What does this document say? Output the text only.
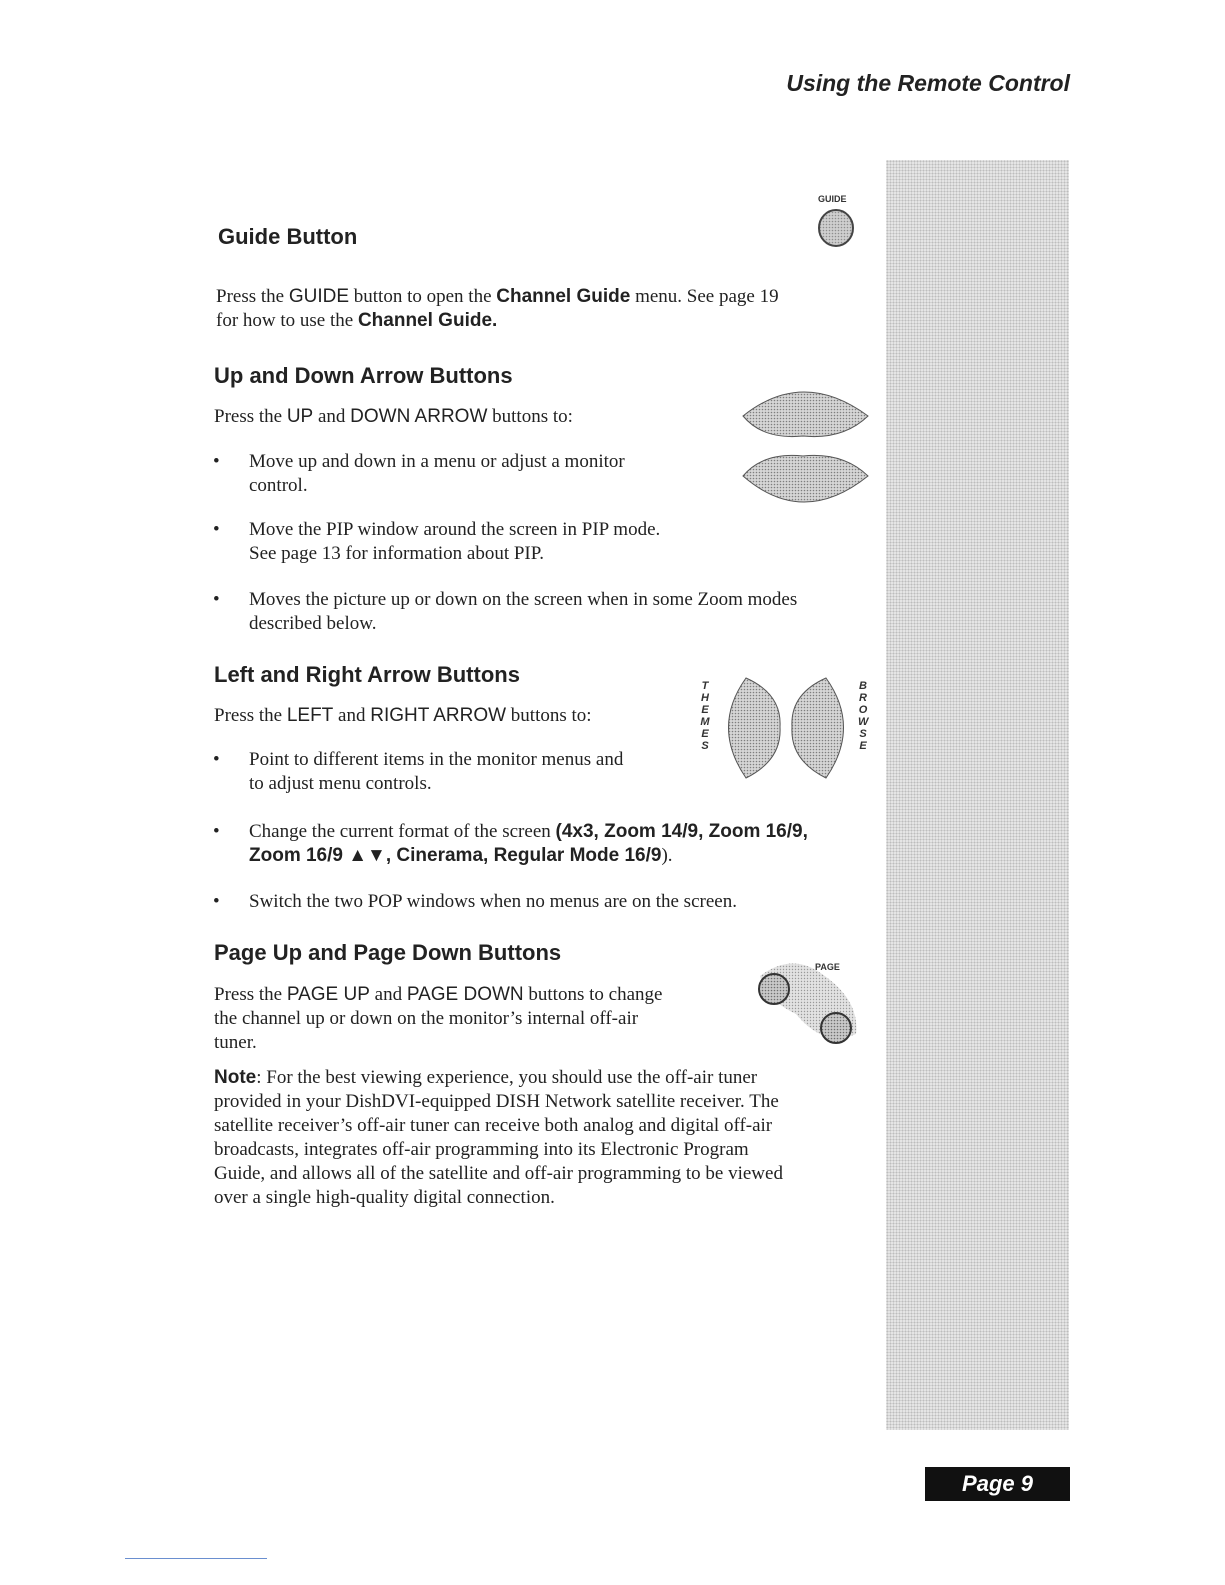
Using the Remote Control
Guide Button
GUIDE

Press the GUIDE button to open the Channel Guide menu. See page 19

for how to use the Channel Guide.

Up and Down Arrow Buttons

Press the UP and DOWN ARROW buttons to:

• Move up and down in a menu or adjust a monitor
control.
• Move the PIP window around the screen in PIP mode.
See page 13 for information about PIP.
• Moves the picture up or down on the screen when in some Zoom modes
described below.
Left and Right Arrow Buttons

Press the LEFT and RIGHT ARROW buttons to:

THEMES
BROWSE
• Point to different items in the monitor menus and
to adjust menu controls.
• Change the current format of the screen (4x3, Zoom 14/9, Zoom 16/9,
Zoom 16/9 ▲▼, Cinerama, Regular Mode 16/9).
• Switch the two POP windows when no menus are on the screen.
Page Up and Page Down Buttons
PAGE

Press the PAGE UP and PAGE DOWN buttons to change

the channel up or down on the monitor’s internal off-air

tuner.

Note: For the best viewing experience, you should use the off-air tuner

provided in your DishDVI-equipped DISH Network satellite receiver. The

satellite receiver’s off-air tuner can receive both analog and digital off-air

broadcasts, integrates off-air programming into its Electronic Program

Guide, and allows all of the satellite and off-air programming to be viewed

over a single high-quality digital connection.

Page 9
